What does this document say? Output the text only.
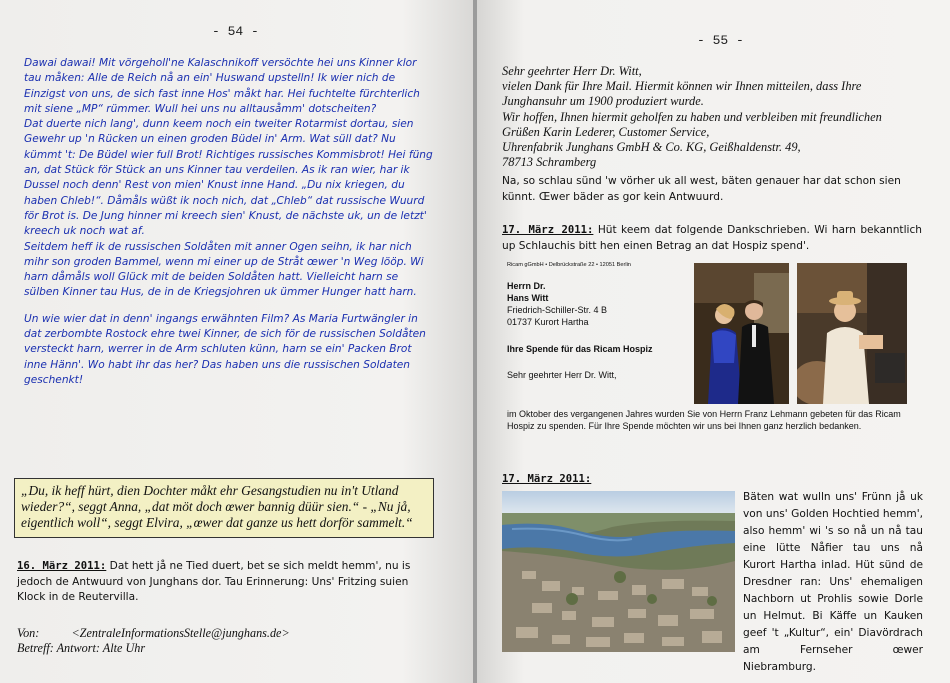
- 54 -

Dawai dawai! Mit vörgeholl'ne Kalaschnikoff versöchte hei uns Kinner klor tau måken: Alle de Reich nå an ein' Huswand upstelln! Ik wier nich de Einzigst von uns, de sich fast inne Hos' måkt har. Hei fuchtelte fürchterlich mit siene „MP“ rümmer. Wull hei uns nu alltausåmm' dotscheiten?

Dat duerte nich lang', dunn keem noch ein tweiter Rotarmist dortau, sien Gewehr up 'n Rücken un einen groden Büdel in' Arm. Wat süll dat? Nu kümmt 't: De Büdel wier full Brot! Richtiges russisches Kommisbrot! Hei füng an, dat Stück för Stück an uns Kinner tau verdeilen. As ik ran wier, har ik Dussel noch denn' Rest von mien' Knust inne Hand. „Du nix kriegen, du haben Chleb!“. Dåmåls wüßt ik noch nich, dat „Chleb“ dat russische Wuurd för Brot is. De Jung hinner mi kreech sien' Knust, de nächste uk, un de letzt' kreech uk noch wat af.

Seitdem heff ik de russischen Soldåten mit anner Ogen seihn, ik har nich mihr son groden Bammel, wenn mi einer up de Stråt œwer 'n Weg lööp. Wi harn dåmåls woll Glück mit de beiden Soldåten hatt. Vielleicht harn se sülben Kinner tau Hus, de in de Kriegsjohren uk ümmer Hunger hatt harn.

Un wie wier dat in denn' ingangs erwähnten Film? As Maria Furtwängler in dat zerbombte Rostock ehre twei Kinner, de sich för de russischen Soldåten versteckt harn, werrer in de Arm schluten künn, harn se ein' Packen Brot inne Hänn'. Wo habt ihr das her? Das haben uns die russischen Soldaten geschenkt!

„Du, ik heff hürt, dien Dochter måkt ehr Gesangstudien nu in't Utland wieder?“, seggt Anna, „dat möt doch œwer bannig düür sien.“ - „Nu jå, eigentlich woll“, seggt Elvira, „œwer dat ganze us hett dorför sammelt.“
16. März 2011: Dat hett jå ne Tied duert, bet se sich meldt hemm', nu is jedoch de Antwuurd von Junghans dor. Tau Erinnerung: Uns' Fritzing suien Klock in de Reutervilla.
Von:	<ZentraleInformationsStelle@junghans.de>
Betreff: Antwort: Alte Uhr
- 55 -
Sehr geehrter Herr Dr. Witt,
vielen Dank für Ihre Mail. Hiermit können wir Ihnen mitteilen, dass Ihre Junghansuhr um 1900 produziert wurde.
Wir hoffen, Ihnen hiermit geholfen zu haben und verbleiben mit freundlichen Grüßen Karin Lederer, Customer Service,
Uhrenfabrik Junghans GmbH & Co. KG, Geißhaldenstr. 49,
78713 Schramberg
Na, so schlau sünd 'w vörher uk all west, bäten genauer har dat schon sien künnt. Œwer bäder as gor kein Antwuurd.
17. März 2011: Hüt keem dat folgende Dankschrieben. Wi harn bekanntlich up Schlauchis bitt hen einen Betrag an dat Hospiz spend'.
Ricam gGmbH • Delbrückstraße 22 • 12051 Berlin
Herrn Dr.
Hans Witt
Friedrich-Schiller-Str. 4 B
01737 Kurort Hartha
Ihre Spende für das Ricam Hospiz
Sehr geehrter Herr Dr. Witt,
im Oktober des vergangenen Jahres wurden Sie von Herrn Franz Lehmann gebeten für das Ricam Hospiz zu spenden. Für Ihre Spende möchten wir uns bei Ihnen ganz herzlich bedanken.
17. März 2011:
Bäten wat wulln uns' Frünn jå uk von uns' Golden Hochtied hemm', also hemm' wi 's so nå un nå tau eine lütte Nåfier tau uns nå Kurort Hartha inlad. Hüt sünd de Dresdner ran: Uns' ehemaligen Nachborn ut Prohlis sowie Dorle un Helmut. Bi Käffe un Kauken geef 't „Kultur“, ein' Diavördrach am Fernseher œwer Niebramburg.
